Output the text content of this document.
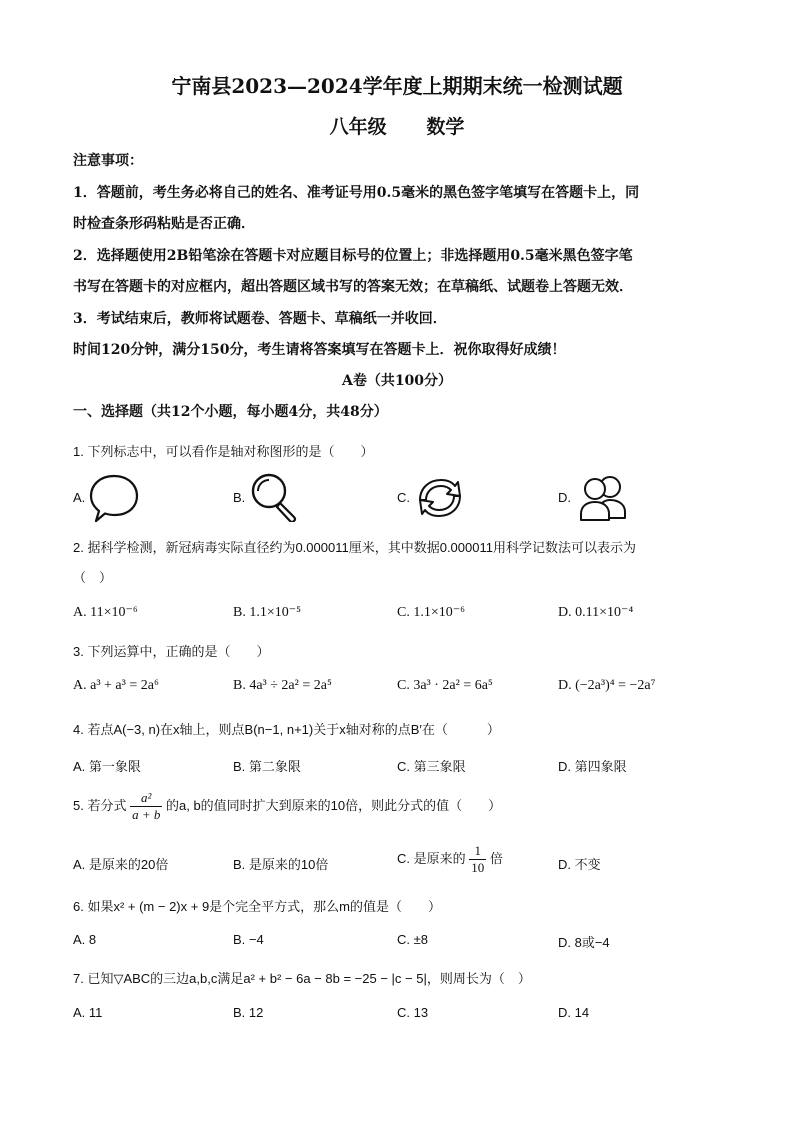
宁南县2023—2024学年度上期期末统一检测试题
八年级      数学
注意事项：
1．答题前，考生务必将自己的姓名、准考证号用0.5毫米的黑色签字笔填写在答题卡上，同
时检查条形码粘贴是否正确．
2．选择题使用2B铅笔涂在答题卡对应题目标号的位置上；非选择题用0.5毫米黑色签字笔
书写在答题卡的对应框内，超出答题区域书写的答案无效；在草稿纸、试题卷上答题无效．
3．考试结束后，教师将试题卷、答题卡、草稿纸一并收回．
时间120分钟，满分150分，考生请将答案填写在答题卡上．祝你取得好成绩！
A卷（共100分）
一、选择题（共12个小题，每小题4分，共48分）
1. 下列标志中，可以看作是轴对称图形的是（　　）
A.	B.	C.	D.
2. 据科学检测，新冠病毒实际直径约为0.000011厘米，其中数据0.000011用科学记数法可以表示为
（　）
A. 11×10⁻⁶	B. 1.1×10⁻⁵	C. 1.1×10⁻⁶	D. 0.11×10⁻⁴
3. 下列运算中，正确的是（　　）
A. a³ + a³ = 2a⁶	B. 4a³ ÷ 2a² = 2a⁵	C. 3a³ · 2a² = 6a⁵	D. (−2a³)⁴ = −2a⁷
4. 若点A(−3, n)在x轴上，则点B(n−1, n+1)关于x轴对称的点B′在（　　　）
A. 第一象限	B. 第二象限	C. 第三象限	D. 第四象限
5. 若分式 $\frac{\text{a²}}{a + b}$ 的a, b的值同时扩大到原来的10倍，则此分式的值（　　）
A. 是原来的20倍	B. 是原来的10倍	C. 是原来的 $\frac{1}{10}$ 倍	D. 不变
6. 如果x² + (m − 2)x + 9是个完全平方式，那么m的值是（　　）
A. 8	B. −4	C. ±8	D. 8或−4
7. 已知▽ABC的三边a,b,c满足a² + b² − 6a − 8b = −25 − |c − 5|，则周长为（　）
A. 11	B. 12	C. 13	D. 14
